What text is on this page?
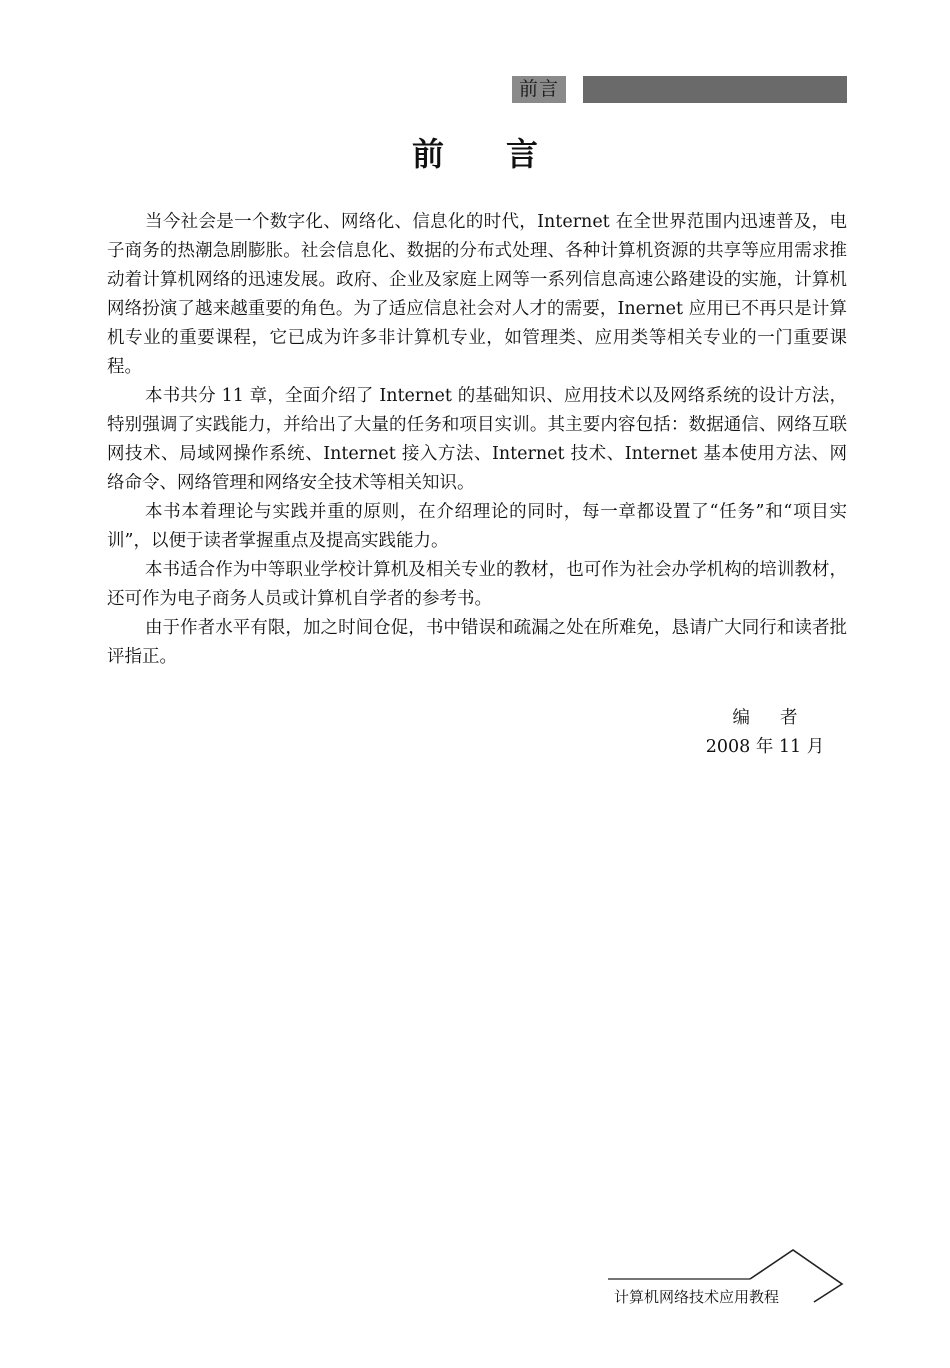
前言
前 言

当今社会是一个数字化、网络化、信息化的时代，Internet 在全世界范围内迅速普及，电子商务的热潮急剧膨胀。社会信息化、数据的分布式处理、各种计算机资源的共享等应用需求推动着计算机网络的迅速发展。政府、企业及家庭上网等一系列信息高速公路建设的实施，计算机网络扮演了越来越重要的角色。为了适应信息社会对人才的需要，Inernet 应用已不再只是计算机专业的重要课程，它已成为许多非计算机专业，如管理类、应用类等相关专业的一门重要课程。

本书共分 11 章，全面介绍了 Internet 的基础知识、应用技术以及网络系统的设计方法，特别强调了实践能力，并给出了大量的任务和项目实训。其主要内容包括：数据通信、网络互联网技术、局域网操作系统、Internet 接入方法、Internet 技术、Internet 基本使用方法、网络命令、网络管理和网络安全技术等相关知识。

本书本着理论与实践并重的原则，在介绍理论的同时，每一章都设置了“任务”和“项目实训”，以便于读者掌握重点及提高实践能力。

本书适合作为中等职业学校计算机及相关专业的教材，也可作为社会办学机构的培训教材，还可作为电子商务人员或计算机自学者的参考书。

由于作者水平有限，加之时间仓促，书中错误和疏漏之处在所难免，恳请广大同行和读者批评指正。

编 者
2008 年 11 月
计算机网络技术应用教程
